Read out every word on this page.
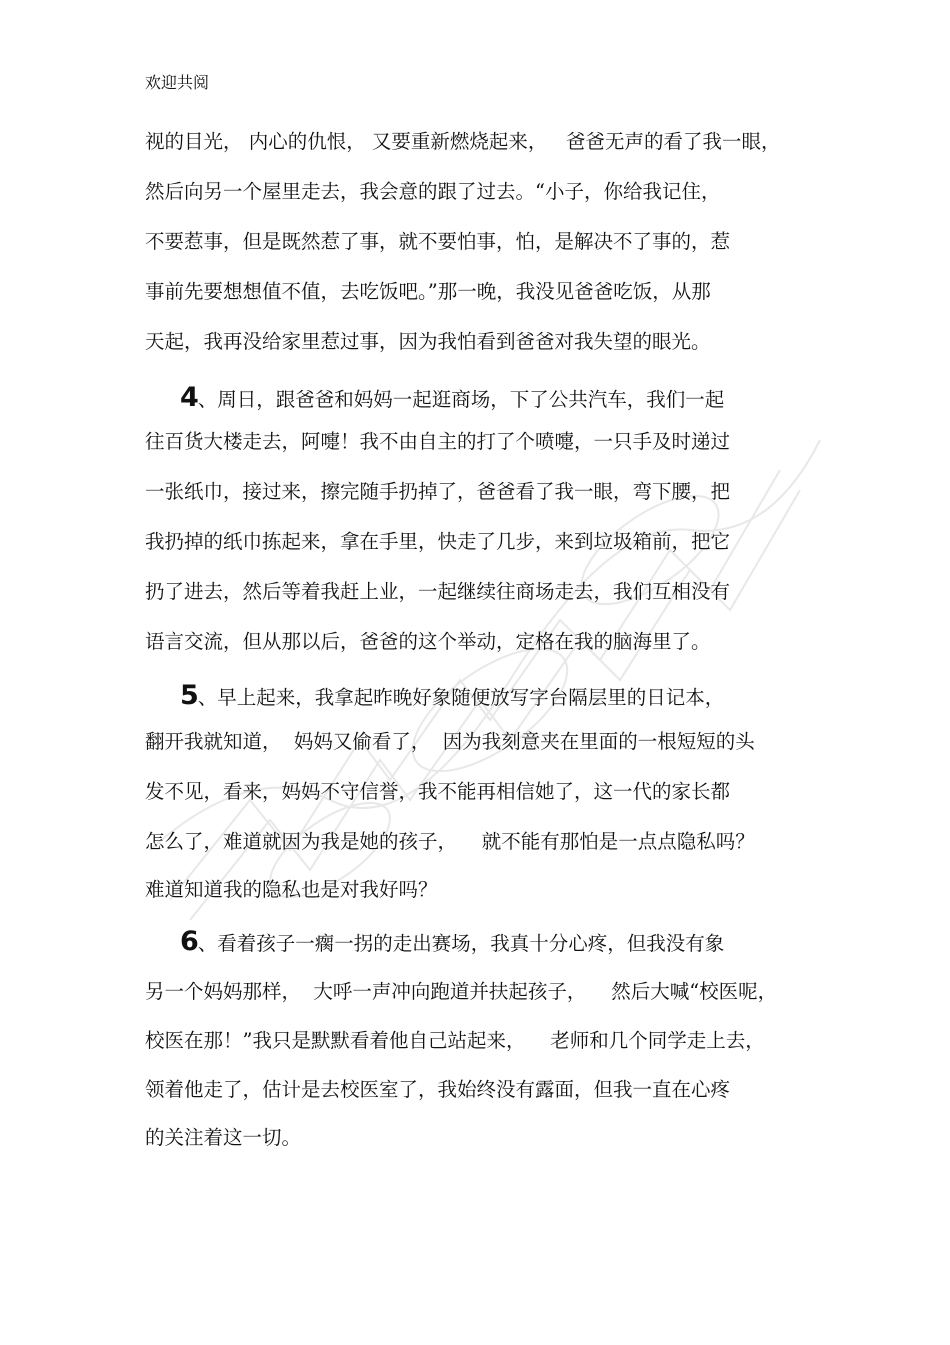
欢迎共阅
视的目光， 内心的仇恨， 又要重新燃烧起来，   爸爸无声的看了我一眼，
然后向另一个屋里走去，我会意的跟了过去。“小子，你给我记住，
不要惹事，但是既然惹了事，就不要怕事，怕，是解决不了事的，惹
事前先要想想值不值，去吃饭吧。”那一晚，我没见爸爸吃饭，从那
天起，我再没给家里惹过事，因为我怕看到爸爸对我失望的眼光。
4、周日，跟爸爸和妈妈一起逛商场，下了公共汽车，我们一起
往百货大楼走去，阿嚏！我不由自主的打了个喷嚏，一只手及时递过
一张纸巾，接过来，擦完随手扔掉了，爸爸看了我一眼，弯下腰，把
我扔掉的纸巾拣起来，拿在手里，快走了几步，来到垃圾箱前，把它
扔了进去，然后等着我赶上业，一起继续往商场走去，我们互相没有
语言交流，但从那以后，爸爸的这个举动，定格在我的脑海里了。
5、早上起来，我拿起昨晚好象随便放写字台隔层里的日记本，
翻开我就知道，  妈妈又偷看了，  因为我刻意夹在里面的一根短短的头
发不见，看来，妈妈不守信誉，我不能再相信她了，这一代的家长都
怎么了，难道就因为我是她的孩子，    就不能有那怕是一点点隐私吗？
难道知道我的隐私也是对我好吗？
6、看着孩子一瘸一拐的走出赛场，我真十分心疼，但我没有象
另一个妈妈那样，  大呼一声冲向跑道并扶起孩子，    然后大喊“校医呢，
校医在那！”我只是默默看着他自己站起来，    老师和几个同学走上去，
领着他走了，估计是去校医室了，我始终没有露面，但我一直在心疼
的关注着这一切。
